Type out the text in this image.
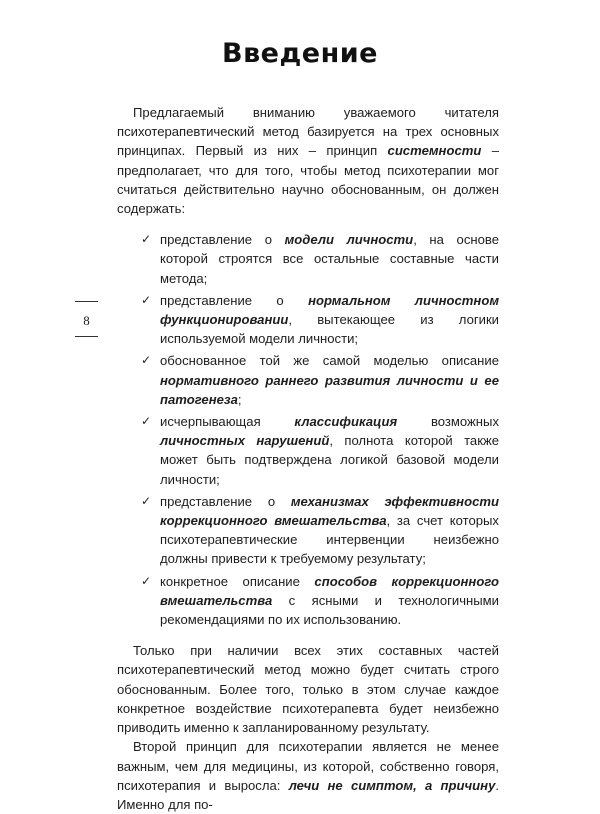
Введение
8

Предлагаемый вниманию уважаемого читателя психотерапевтический метод базируется на трех основных принципах. Первый из них – принцип системности – предполагает, что для того, чтобы метод психотерапии мог считаться действительно научно обоснованным, он должен содержать:

✓ представление о модели личности, на основе которой строятся все остальные составные части метода;
✓ представление о нормальном личностном функционировании, вытекающее из логики используемой модели личности;
✓ обоснованное той же самой моделью описание нормативного раннего развития личности и ее патогенеза;
✓ исчерпывающая классификация возможных личностных нарушений, полнота которой также может быть подтверждена логикой базовой модели личности;
✓ представление о механизмах эффективности коррекционного вмешательства, за счет которых психотерапевтические интервенции неизбежно должны привести к требуемому результату;
✓ конкретное описание способов коррекционного вмешательства с ясными и технологичными рекомендациями по их использованию.

Только при наличии всех этих составных частей психотерапевтический метод можно будет считать строго обоснованным. Более того, только в этом случае каждое конкретное воздействие психотерапевта будет неизбежно приводить именно к запланированному результату.

Второй принцип для психотерапии является не менее важным, чем для медицины, из которой, собственно говоря, психотерапия и выросла: лечи не симптом, а причину. Именно для по-
